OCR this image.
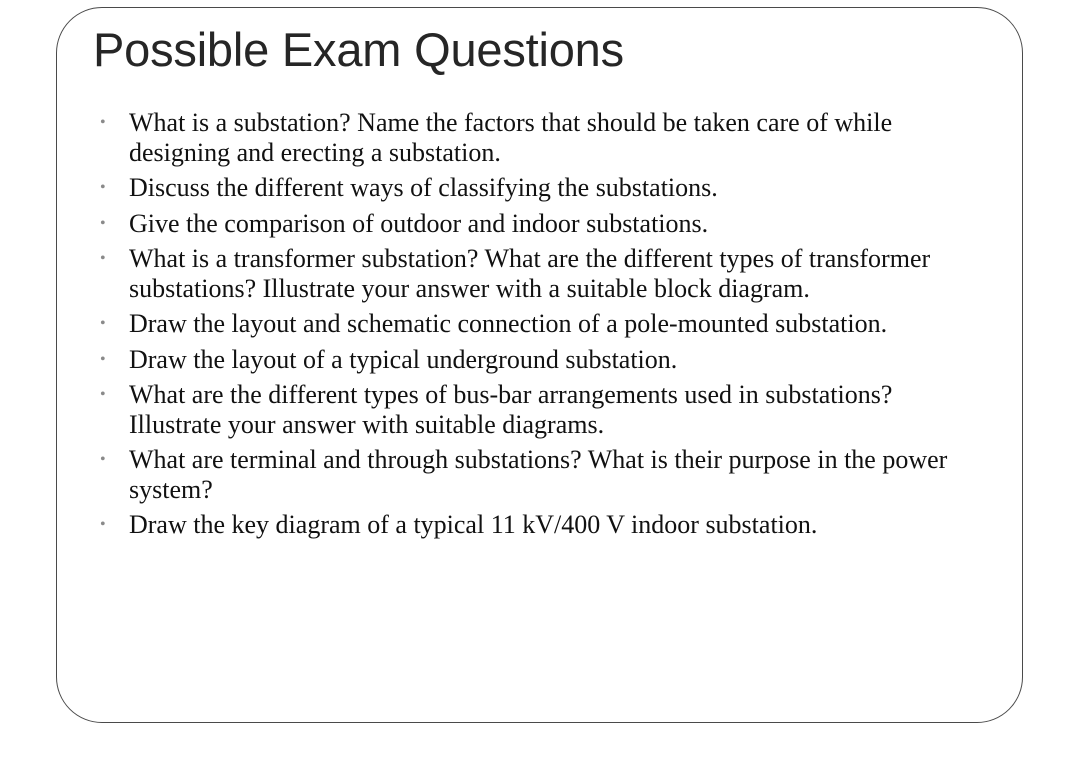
Possible Exam Questions
• What is a substation? Name the factors that should be taken care of while designing and erecting a substation.
• Discuss the different ways of classifying the substations.
• Give the comparison of outdoor and indoor substations.
• What is a transformer substation? What are the different types of transformer substations? Illustrate your answer with a suitable block diagram.
• Draw the layout and schematic connection of a pole-mounted substation.
• Draw the layout of a typical underground substation.
• What are the different types of bus-bar arrangements used in substations? Illustrate your answer with suitable diagrams.
• What are terminal and through substations? What is their purpose in the power system?
• Draw the key diagram of a typical 11 kV/400 V indoor substation.
